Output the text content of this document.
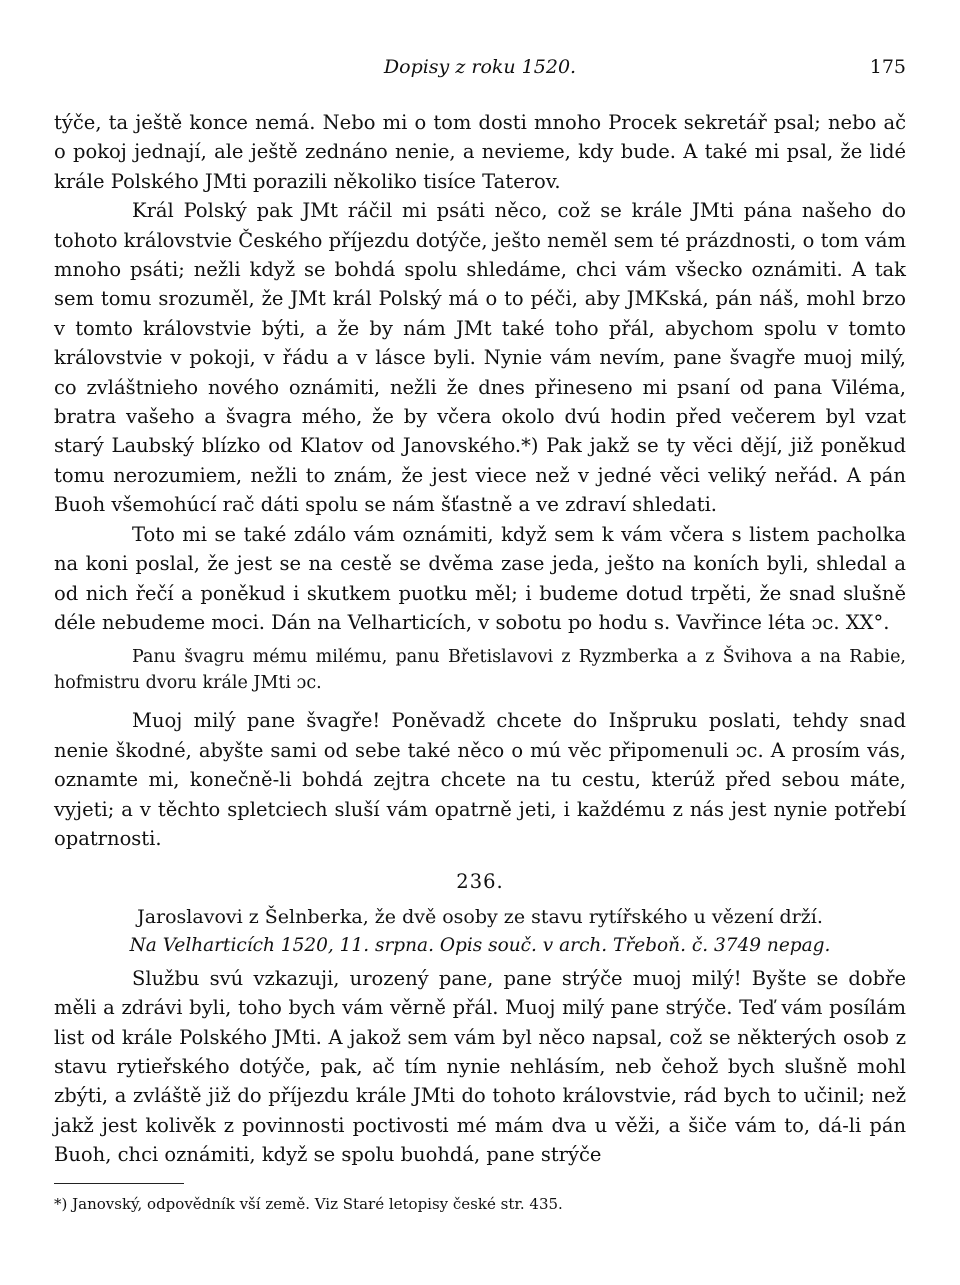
Dopisy z roku 1520.	175

týče, ta ještě konce nemá. Nebo mi o tom dosti mnoho Procek sekretář psal; nebo ač o pokoj jednají, ale ještě zednáno nenie, a nevieme, kdy bude. A také mi psal, že lidé krále Polského JMti porazili několiko tisíce Taterov.

Král Polský pak JMt ráčil mi psáti něco, což se krále JMti pána našeho do tohoto královstvie Českého příjezdu dotýče, ješto neměl sem té prázdnosti, o tom vám mnoho psáti; nežli když se bohdá spolu shledáme, chci vám všecko oznámiti. A tak sem tomu srozuměl, že JMt král Polský má o to péči, aby JMKská, pán náš, mohl brzo v tomto královstvie býti, a že by nám JMt také toho přál, abychom spolu v tomto královstvie v pokoji, v řádu a v lásce byli. Nynie vám nevím, pane švagře muoj milý, co zvláštnieho nového oznámiti, nežli že dnes přineseno mi psaní od pana Viléma, bratra vašeho a švagra mého, že by včera okolo dvú hodin před večerem byl vzat starý Laubský blízko od Klatov od Janovského.*) Pak jakž se ty věci dějí, již poněkud tomu nerozumiem, nežli to znám, že jest viece než v jedné věci veliký neřád. A pán Buoh všemohúcí rač dáti spolu se nám šťastně a ve zdraví shledati.

Toto mi se také zdálo vám oznámiti, když sem k vám včera s listem pacholka na koni poslal, že jest se na cestě se dvěma zase jeda, ješto na koních byli, shledal a od nich řečí a poněkud i skutkem puotku měl; i budeme dotud trpěti, že snad slušně déle nebudeme moci. Dán na Velharticích, v sobotu po hodu s. Vavřince léta ɔc. XX°.

Panu švagru mému milému, panu Břetislavovi z Ryzmberka a z Švihova a na Rabie, hofmistru dvoru krále JMti ɔc.

Muoj milý pane švagře! Poněvadž chcete do Inšpruku poslati, tehdy snad nenie škodné, abyšte sami od sebe také něco o mú věc připomenuli ɔc. A prosím vás, oznamte mi, konečně-li bohdá zejtra chcete na tu cestu, kterúž před sebou máte, vyjeti; a v těchto spletciech sluší vám opatrně jeti, i každému z nás jest nynie potřebí opatrnosti.

236.
Jaroslavovi z Šelnberka, že dvě osoby ze stavu rytířského u vězení drží.
Na Velharticích 1520, 11. srpna. Opis souč. v arch. Třeboň. č. 3749 nepag.

Službu svú vzkazuji, urozený pane, pane strýče muoj milý! Byšte se dobře měli a zdrávi byli, toho bych vám věrně přál. Muoj milý pane strýče. Teď vám posílám list od krále Polského JMti. A jakož sem vám byl něco napsal, což se některých osob z stavu rytieřského dotýče, pak, ač tím nynie nehlásím, neb čehož bych slušně mohl zbýti, a zvláště již do příjezdu krále JMti do tohoto královstvie, rád bych to učinil; než jakž jest kolivěk z povinnosti poctivosti mé mám dva u věži, a šiče vám to, dá-li pán Buoh, chci oznámiti, když se spolu buohdá, pane strýče

*) Janovský, odpovědník vší země. Viz Staré letopisy české str. 435.
